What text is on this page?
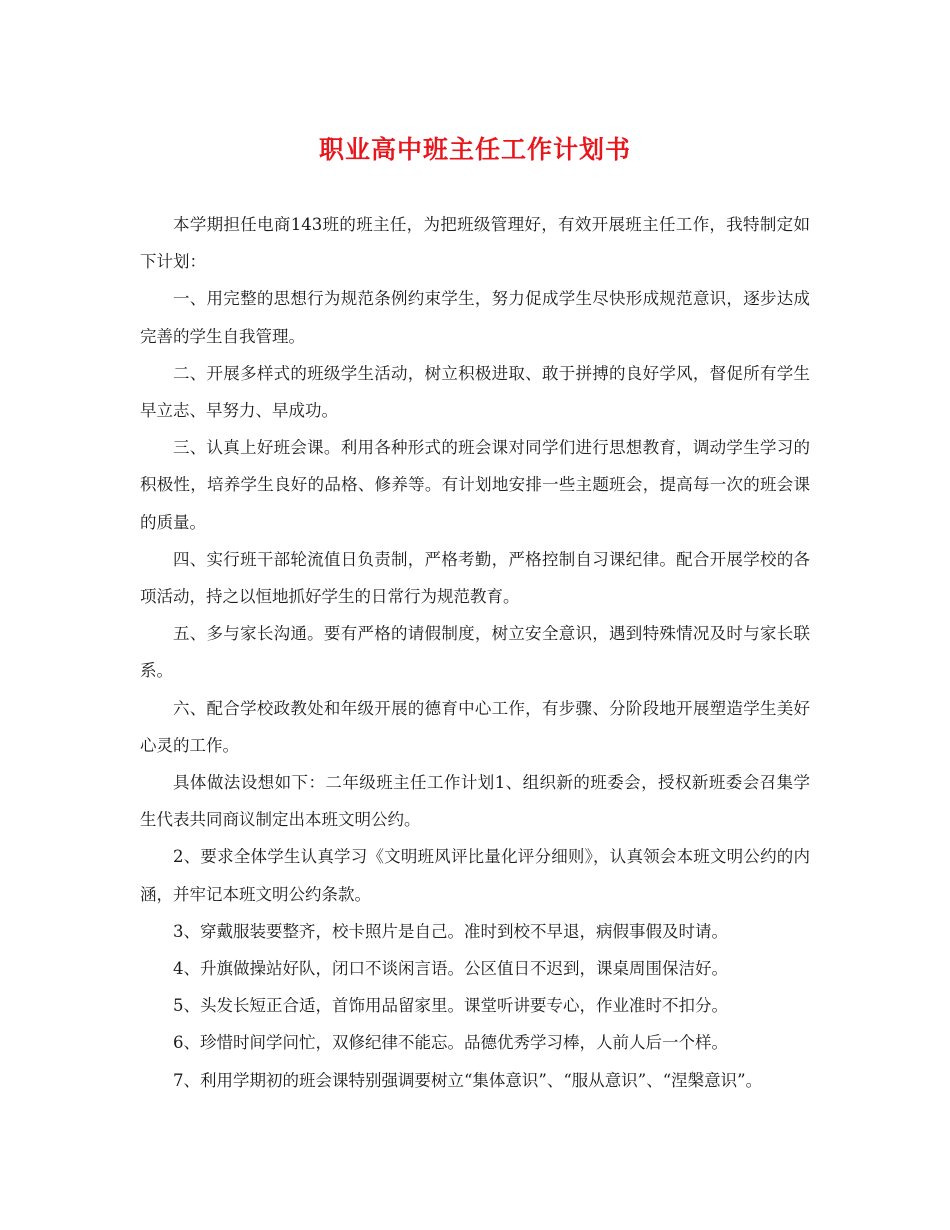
职业高中班主任工作计划书

本学期担任电商143班的班主任，为把班级管理好，有效开展班主任工作，我特制定如下计划：

一、用完整的思想行为规范条例约束学生，努力促成学生尽快形成规范意识，逐步达成完善的学生自我管理。

二、开展多样式的班级学生活动，树立积极进取、敢于拼搏的良好学风，督促所有学生早立志、早努力、早成功。

三、认真上好班会课。利用各种形式的班会课对同学们进行思想教育，调动学生学习的积极性，培养学生良好的品格、修养等。有计划地安排一些主题班会，提高每一次的班会课的质量。

四、实行班干部轮流值日负责制，严格考勤，严格控制自习课纪律。配合开展学校的各项活动，持之以恒地抓好学生的日常行为规范教育。

五、多与家长沟通。要有严格的请假制度，树立安全意识，遇到特殊情况及时与家长联系。

六、配合学校政教处和年级开展的德育中心工作，有步骤、分阶段地开展塑造学生美好心灵的工作。

具体做法设想如下：二年级班主任工作计划1、组织新的班委会，授权新班委会召集学生代表共同商议制定出本班文明公约。

2、要求全体学生认真学习《文明班风评比量化评分细则》，认真领会本班文明公约的内涵，并牢记本班文明公约条款。

3、穿戴服装要整齐，校卡照片是自己。准时到校不早退，病假事假及时请。

4、升旗做操站好队，闭口不谈闲言语。公区值日不迟到，课桌周围保洁好。

5、头发长短正合适，首饰用品留家里。课堂听讲要专心，作业准时不扣分。

6、珍惜时间学问忙，双修纪律不能忘。品德优秀学习棒，人前人后一个样。

7、利用学期初的班会课特别强调要树立“集体意识”、“服从意识”、“涅槃意识”。
